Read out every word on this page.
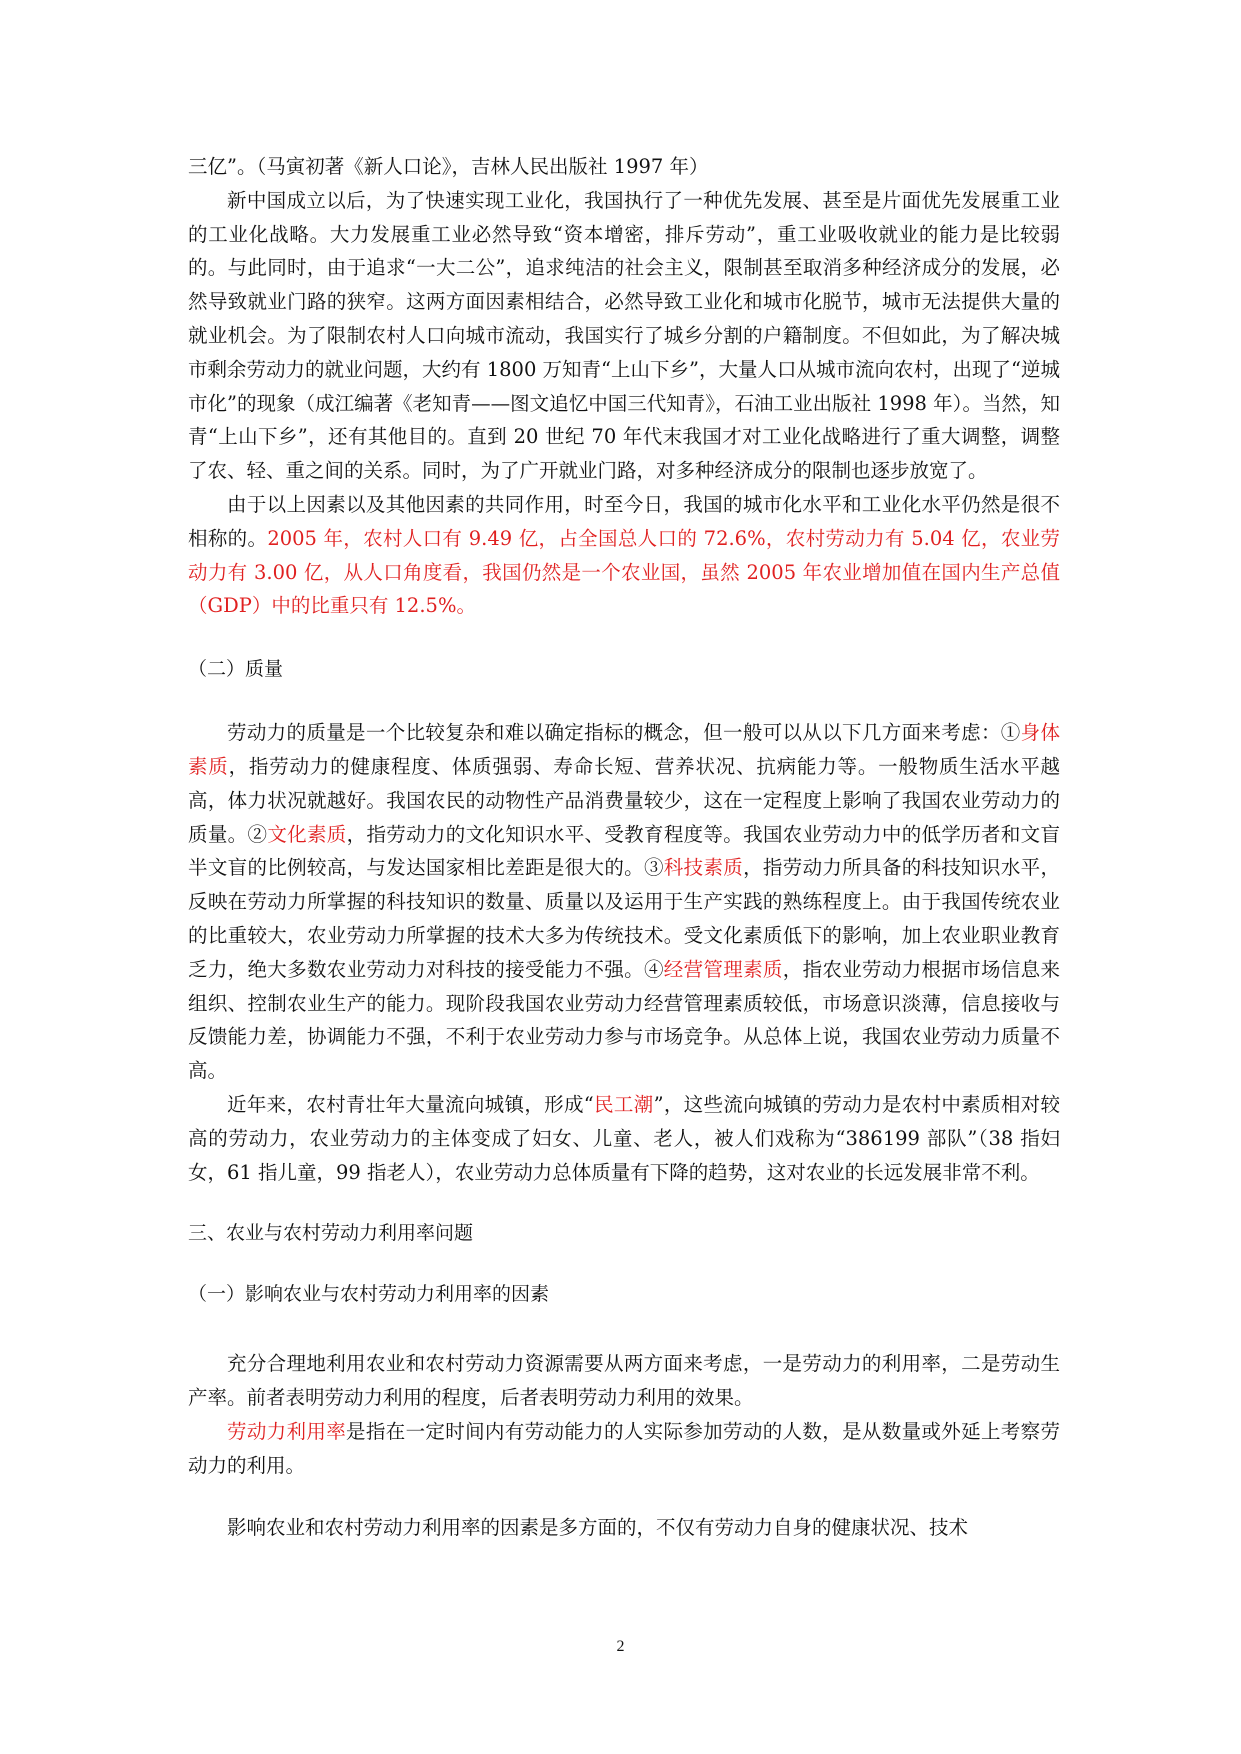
三亿”。（马寅初著《新人口论》，吉林人民出版社 1997 年）

新中国成立以后，为了快速实现工业化，我国执行了一种优先发展、甚至是片面优先发展重工业的工业化战略。大力发展重工业必然导致“资本增密，排斥劳动”，重工业吸收就业的能力是比较弱的。与此同时，由于追求“一大二公”，追求纯洁的社会主义，限制甚至取消多种经济成分的发展，必然导致就业门路的狭窄。这两方面因素相结合，必然导致工业化和城市化脱节，城市无法提供大量的就业机会。为了限制农村人口向城市流动，我国实行了城乡分割的户籍制度。不但如此，为了解决城市剩余劳动力的就业问题，大约有 1800 万知青“上山下乡”，大量人口从城市流向农村，出现了“逆城市化”的现象（成江编著《老知青——图文追忆中国三代知青》，石油工业出版社 1998 年）。当然，知青“上山下乡”，还有其他目的。直到 20 世纪 70 年代末我国才对工业化战略进行了重大调整，调整了农、轻、重之间的关系。同时，为了广开就业门路，对多种经济成分的限制也逐步放宽了。

由于以上因素以及其他因素的共同作用，时至今日，我国的城市化水平和工业化水平仍然是很不相称的。2005 年，农村人口有 9.49 亿，占全国总人口的 72.6%，农村劳动力有 5.04 亿，农业劳动力有 3.00 亿，从人口角度看，我国仍然是一个农业国，虽然 2005 年农业增加值在国内生产总值（GDP）中的比重只有 12.5%。

（二）质量

劳动力的质量是一个比较复杂和难以确定指标的概念，但一般可以从以下几方面来考虑：①身体素质，指劳动力的健康程度、体质强弱、寿命长短、营养状况、抗病能力等。一般物质生活水平越高，体力状况就越好。我国农民的动物性产品消费量较少，这在一定程度上影响了我国农业劳动力的质量。②文化素质，指劳动力的文化知识水平、受教育程度等。我国农业劳动力中的低学历者和文盲半文盲的比例较高，与发达国家相比差距是很大的。③科技素质，指劳动力所具备的科技知识水平，反映在劳动力所掌握的科技知识的数量、质量以及运用于生产实践的熟练程度上。由于我国传统农业的比重较大，农业劳动力所掌握的技术大多为传统技术。受文化素质低下的影响，加上农业职业教育乏力，绝大多数农业劳动力对科技的接受能力不强。④经营管理素质，指农业劳动力根据市场信息来组织、控制农业生产的能力。现阶段我国农业劳动力经营管理素质较低，市场意识淡薄，信息接收与反馈能力差，协调能力不强，不利于农业劳动力参与市场竞争。从总体上说，我国农业劳动力质量不高。

近年来，农村青壮年大量流向城镇，形成“民工潮”，这些流向城镇的劳动力是农村中素质相对较高的劳动力，农业劳动力的主体变成了妇女、儿童、老人，被人们戏称为“386199 部队”（38 指妇女，61 指儿童，99 指老人），农业劳动力总体质量有下降的趋势，这对农业的长远发展非常不利。

三、农业与农村劳动力利用率问题

（一）影响农业与农村劳动力利用率的因素

充分合理地利用农业和农村劳动力资源需要从两方面来考虑，一是劳动力的利用率，二是劳动生产率。前者表明劳动力利用的程度，后者表明劳动力利用的效果。

劳动力利用率是指在一定时间内有劳动能力的人实际参加劳动的人数，是从数量或外延上考察劳动力的利用。

影响农业和农村劳动力利用率的因素是多方面的，不仅有劳动力自身的健康状况、技术

2
